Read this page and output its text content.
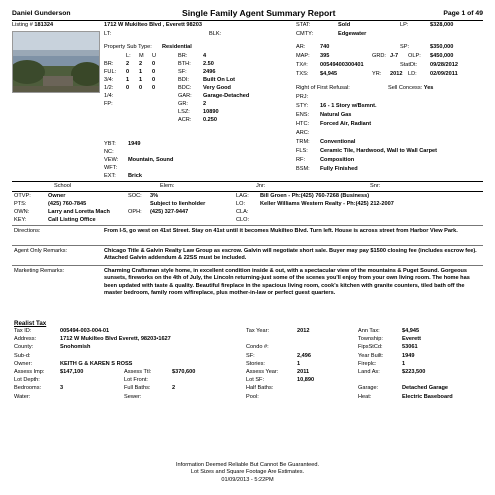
Daniel Gunderson	Single Family Agent Summary Report	Page 1 of 49
Listing # 181324	1712 W Mukilteo Blvd , Everett 98203
LT:	BLK:
STAT:	Sold	LP:	$328,000
CMTY:	Edgewater
Property Sub Type: Residential
L: M U
BR: 2 2 0
FUL: 0 1 0
3/4: 1 1 0
1/2: 0 0 0
1/4:
FP:
BR:	4
BTH: 2.50
SF:	2496
BDI:	Built On Lot
BDC: Very Good
GAR: Garage-Detached
GR:	2
LSZ: 10890
ACR: 0.250
YBT: 1949
NC:
VEW: Mountain, Sound
WFT:
EXT: Brick
AR:	740	SP:	$350,000
MAP: 395	GRD: J-7 OLP: $450,000
TX#: 00549400300401	StatDt: 09/28/2012
TXS: $4,945	YR: 2012 LD: 02/09/2011
Right of First Refusal:	Sell Concess: Yes
PRJ:
STY: 16 - 1 Story w/Bsmnt.
ENS: Natural Gas
HTC: Forced Air, Radiant
ARC:
TRM: Conventional
FLS: Ceramic Tile, Hardwood, Wall to Wall Carpet
RF:	Composition
BSM: Fully Finished
School	Elem:	Jnr:	Snr:
OTVP:	Owner	SOC: 3%
PTS:	(425) 760-7845	Subject to lienholder
OWN:	Larry and Loretta Mach	OPH: (425) 327-9447
KEY:	Call Listing Office
LAG: Bill Groen - Ph:(425) 760-7268 (Business)
LO:	Keller Williams Western Realty - Ph:(425) 212-2007
CLA:
CLO:
Directions:	From I-5, go west on 41st Street. Stay on 41st until it becomes Mukilteo Blvd. Turn left. House is across street from Harbor View Park.
Agent Only Remarks:	Chicago Title & Galvin Realty Law Group as escrow. Galvin will negotiate short sale. Buyer may pay $1500 closing fee (includes escrow fee). Attached Galvin addendum & 22SS must be included.
Marketing Remarks:	Charming Craftsman style home, in excellent condition inside & out, with a spectacular view of the mountains & Puget Sound. Gorgeous sunsets, fireworks on the 4th of July, the Lincoln returning-just some of the scenes you'll enjoy from your own living room. The home has been updated with taste & quality. Beautiful fireplace in the spacious living room, cook's kitchen with granite counters, tiled bath off the master bedroom, family room w/fireplace, plus mother-in-law or perfect guest quarters.
Realist Tax
Tax ID:	005494-003-004-01
Address:	1712 W Mukilteo Blvd Everett, 98203•1627
County:	Snohomish
Sub-d:
Owner:	KEITH G & KAREN S ROSS
Assess Imp:	$147,100
Lot Depth:
Bedrooms:	3
Water:
Assess Ttl:	$370,600
Lot Front:
Full Baths:	2
Sewer:
Tax Year:	2012
Condo #:
SF:	2,496
Stories:	1
Assess Year:	2011
Lot SF:	10,890
Half Baths:
Pool:
Ann Tax:	$4,945
Township:	Everett
FipsStCd:	53061
Year Built:	1949
Fireplc:	1
Land As:	$223,500
Garage:	Detached Garage
Heat:	Electric Baseboard
Information Deemed Reliable But Cannot Be Guaranteed.
Lot Sizes and Square Footage Are Estimates.
01/09/2013 - 5:22PM
